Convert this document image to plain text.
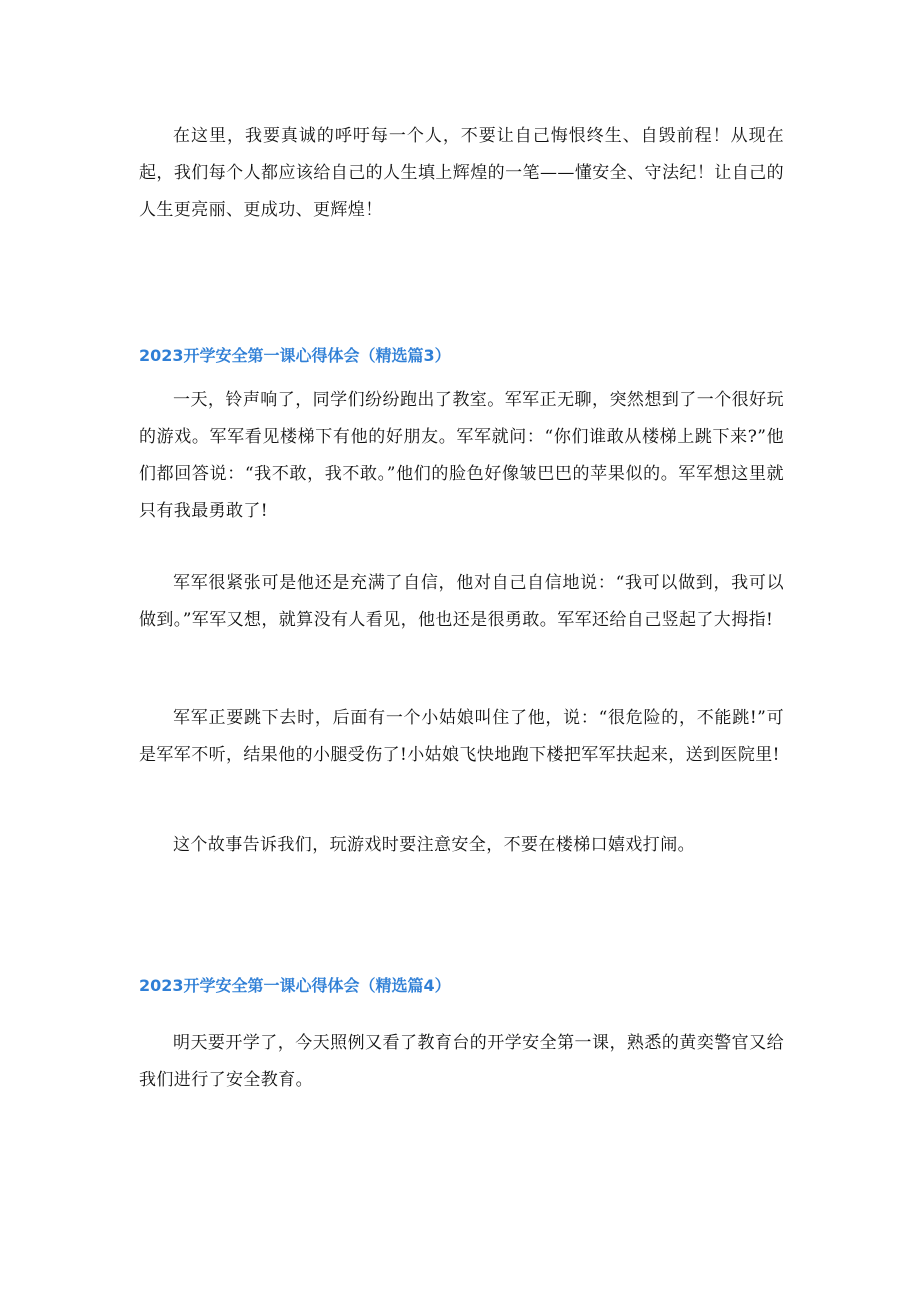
在这里，我要真诚的呼吁每一个人，不要让自己悔恨终生、自毁前程！从现在起，我们每个人都应该给自己的人生填上辉煌的一笔——懂安全、守法纪！让自己的人生更亮丽、更成功、更辉煌！

2023开学安全第一课心得体会（精选篇3）

一天，铃声响了，同学们纷纷跑出了教室。军军正无聊，突然想到了一个很好玩的游戏。军军看见楼梯下有他的好朋友。军军就问：“你们谁敢从楼梯上跳下来?”他们都回答说：“我不敢，我不敢。”他们的脸色好像皱巴巴的苹果似的。军军想这里就只有我最勇敢了!

军军很紧张可是他还是充满了自信，他对自己自信地说：“我可以做到，我可以做到。”军军又想，就算没有人看见，他也还是很勇敢。军军还给自己竖起了大拇指!

军军正要跳下去时，后面有一个小姑娘叫住了他，说：“很危险的，不能跳!”可是军军不听，结果他的小腿受伤了!小姑娘飞快地跑下楼把军军扶起来，送到医院里!

这个故事告诉我们，玩游戏时要注意安全，不要在楼梯口嬉戏打闹。

2023开学安全第一课心得体会（精选篇4）

明天要开学了，今天照例又看了教育台的开学安全第一课，熟悉的黄奕警官又给我们进行了安全教育。
